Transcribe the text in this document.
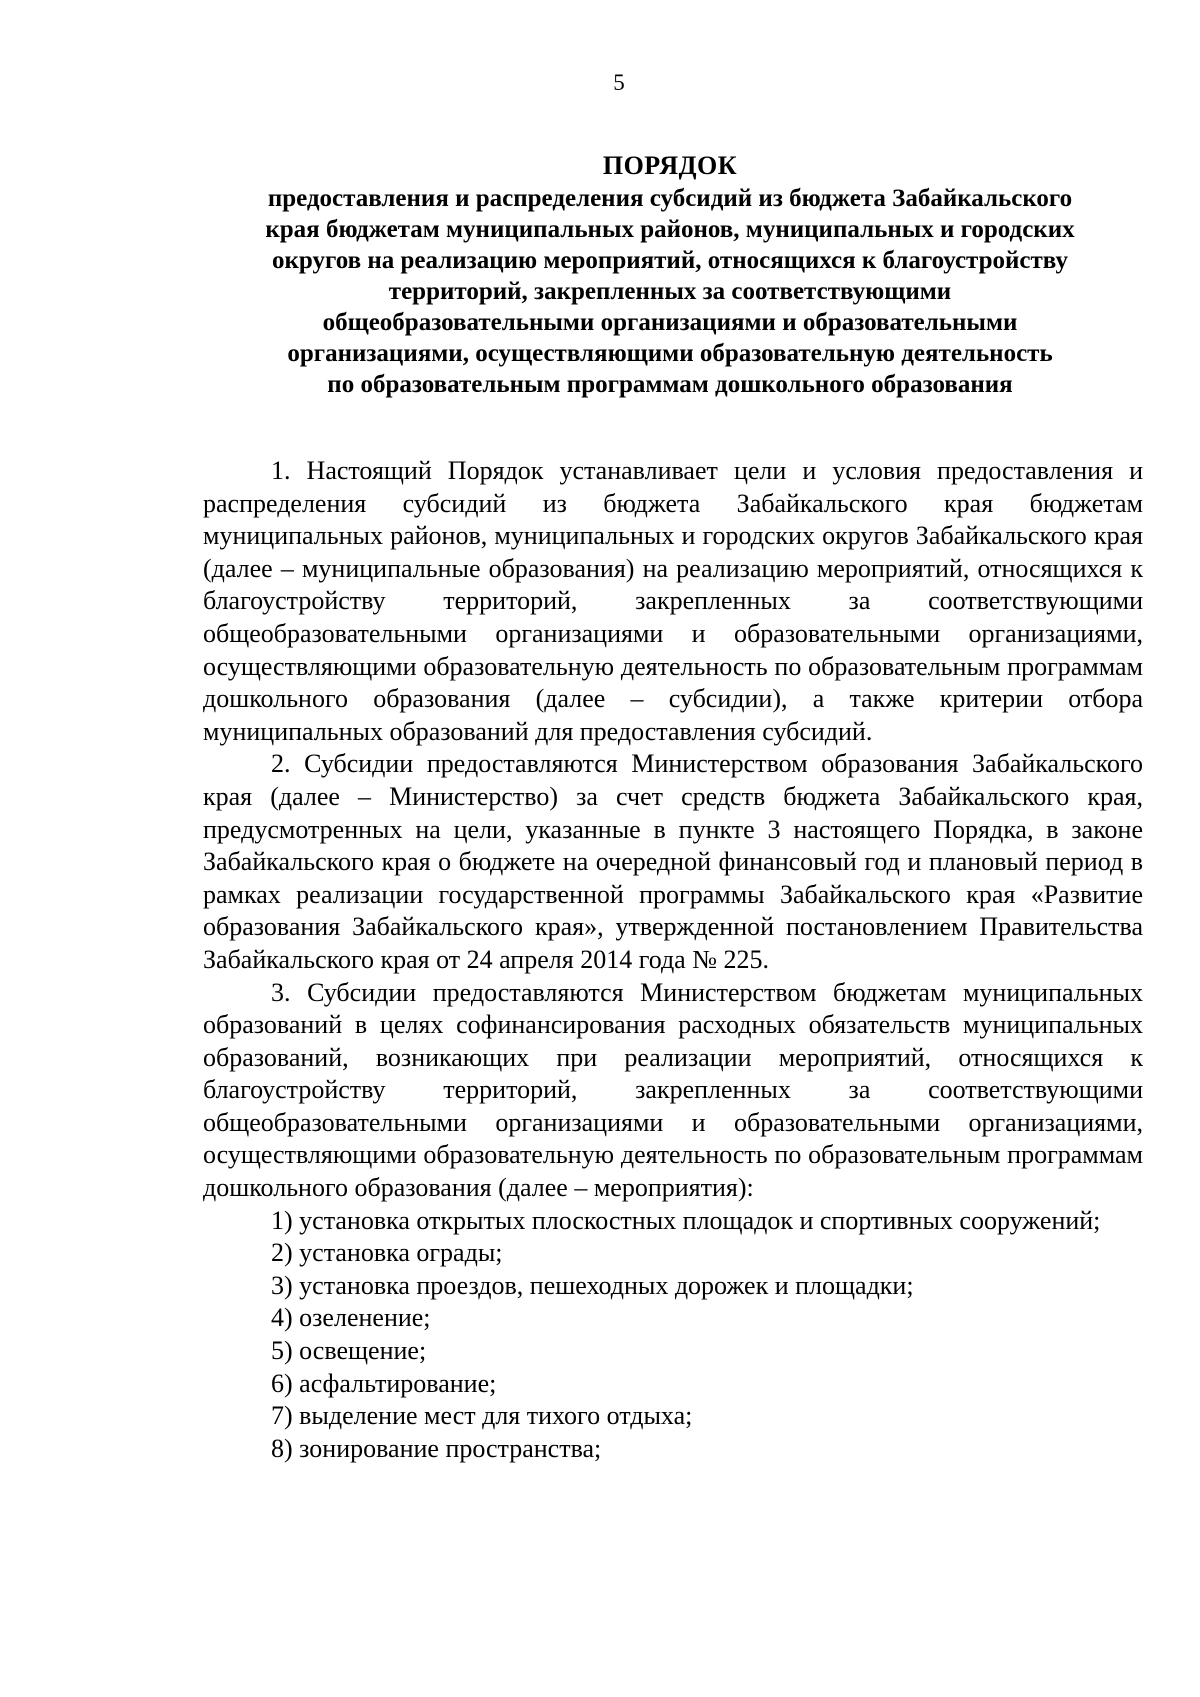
5
ПОРЯДОК
предоставления и распределения субсидий из бюджета Забайкальского
края бюджетам муниципальных районов, муниципальных и городских
округов на реализацию мероприятий, относящихся к благоустройству
территорий, закрепленных за соответствующими
общеобразовательными организациями и образовательными
организациями, осуществляющими образовательную деятельность
по образовательным программам дошкольного образования

1. Настоящий Порядок устанавливает цели и условия предоставления и распределения субсидий из бюджета Забайкальского края бюджетам муниципальных районов, муниципальных и городских округов Забайкальского края (далее – муниципальные образования) на реализацию мероприятий, относящихся к благоустройству территорий, закрепленных за соответствующими общеобразовательными организациями и образовательными организациями, осуществляющими образовательную деятельность по образовательным программам дошкольного образования (далее – субсидии), а также критерии отбора муниципальных образований для предоставления субсидий.

2. Субсидии предоставляются Министерством образования Забайкальского края (далее – Министерство) за счет средств бюджета Забайкальского края, предусмотренных на цели, указанные в пункте 3 настоящего Порядка, в законе Забайкальского края о бюджете на очередной финансовый год и плановый период в рамках реализации государственной программы Забайкальского края «Развитие образования Забайкальского края», утвержденной постановлением Правительства Забайкальского края от 24 апреля 2014 года № 225.

3. Субсидии предоставляются Министерством бюджетам муниципальных образований в целях софинансирования расходных обязательств муниципальных образований, возникающих при реализации мероприятий, относящихся к благоустройству территорий, закрепленных за соответствующими общеобразовательными организациями и образовательными организациями, осуществляющими образовательную деятельность по образовательным программам дошкольного образования (далее – мероприятия):

1) установка открытых плоскостных площадок и спортивных сооружений;

2) установка ограды;

3) установка проездов, пешеходных дорожек и площадки;

4) озеленение;

5) освещение;

6) асфальтирование;

7) выделение мест для тихого отдыха;

8) зонирование пространства;
